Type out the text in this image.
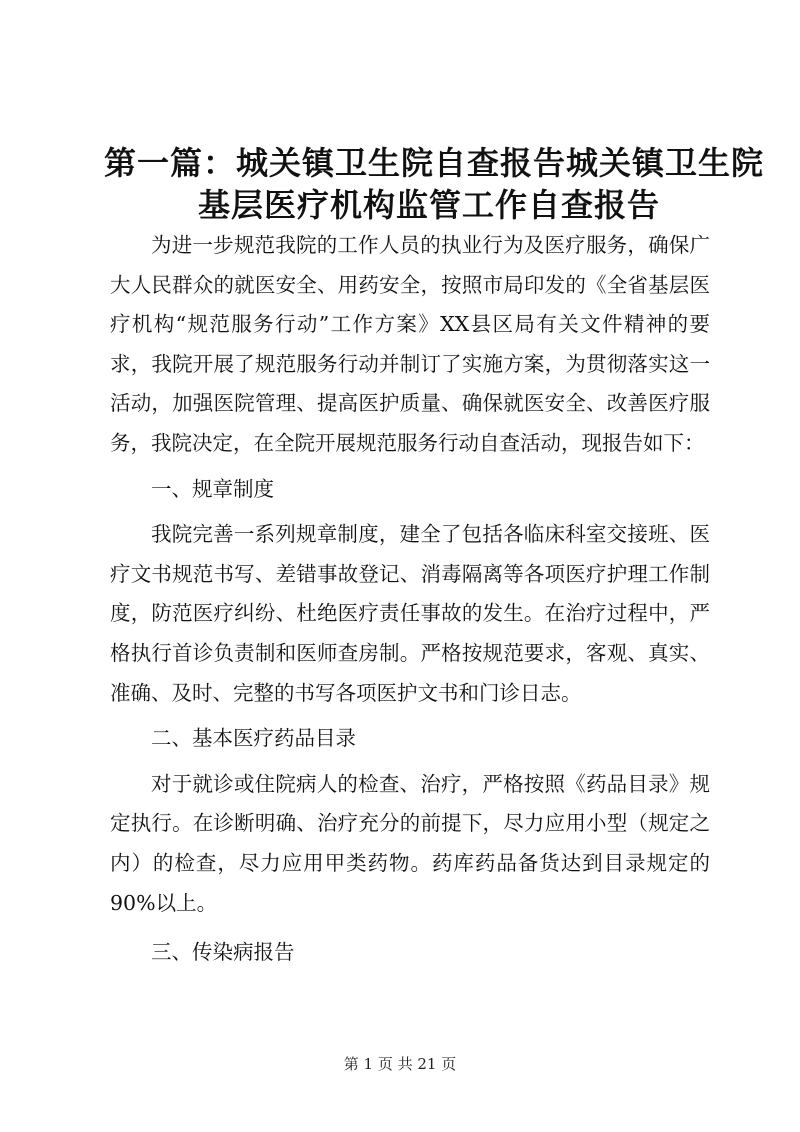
第一篇：城关镇卫生院自查报告城关镇卫生院
基层医疗机构监管工作自查报告

为进一步规范我院的工作人员的执业行为及医疗服务，确保广大人民群众的就医安全、用药安全，按照市局印发的《全省基层医疗机构“规范服务行动”工作方案》XX县区局有关文件精神的要求，我院开展了规范服务行动并制订了实施方案，为贯彻落实这一活动，加强医院管理、提高医护质量、确保就医安全、改善医疗服务，我院决定，在全院开展规范服务行动自查活动，现报告如下：

一、规章制度

我院完善一系列规章制度，建全了包括各临床科室交接班、医疗文书规范书写、差错事故登记、消毒隔离等各项医疗护理工作制度，防范医疗纠纷、杜绝医疗责任事故的发生。在治疗过程中，严格执行首诊负责制和医师查房制。严格按规范要求，客观、真实、准确、及时、完整的书写各项医护文书和门诊日志。

二、基本医疗药品目录

对于就诊或住院病人的检查、治疗，严格按照《药品目录》规定执行。在诊断明确、治疗充分的前提下，尽力应用小型（规定之内）的检查，尽力应用甲类药物。药库药品备货达到目录规定的90%以上。

三、传染病报告

第 1 页 共 21 页
